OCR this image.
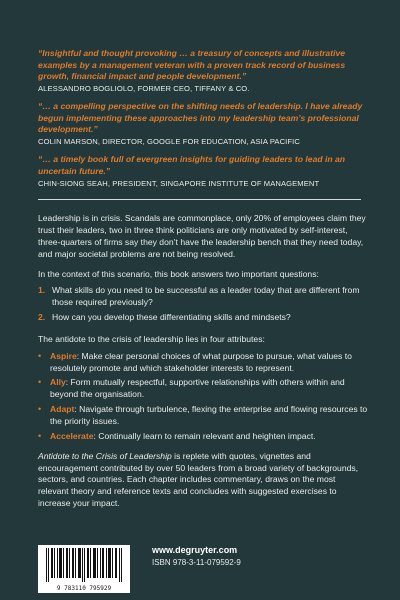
“Insightful and thought provoking … a treasury of concepts and illustrative examples by a management veteran with a proven track record of business growth, financial impact and people development.”
ALESSANDRO BOGLIOLO, FORMER CEO, TIFFANY & CO.
“… a compelling perspective on the shifting needs of leadership. I have already begun implementing these approaches into my leadership team’s professional development.”
COLIN MARSON, DIRECTOR, GOOGLE FOR EDUCATION, ASIA PACIFIC
“… a timely book full of evergreen insights for guiding leaders to lead in an uncertain future.”
CHIN-SIONG SEAH, PRESIDENT, SINGAPORE INSTITUTE OF MANAGEMENT

Leadership is in crisis. Scandals are commonplace, only 20% of employees claim they trust their leaders, two in three think politicians are only motivated by self-interest, three-quarters of firms say they don’t have the leadership bench that they need today, and major societal problems are not being resolved.

In the context of this scenario, this book answers two important questions:

1. What skills do you need to be successful as a leader today that are different from those required previously?
2. How can you develop these differentiating skills and mindsets?

The antidote to the crisis of leadership lies in four attributes:

•	Aspire: Make clear personal choices of what purpose to pursue, what values to resolutely promote and which stakeholder interests to represent.
•	Ally: Form mutually respectful, supportive relationships with others within and beyond the organisation.
•	Adapt: Navigate through turbulence, flexing the enterprise and flowing resources to the priority issues.
•	Accelerate: Continually learn to remain relevant and heighten impact.

Antidote to the Crisis of Leadership is replete with quotes, vignettes and encouragement contributed by over 50 leaders from a broad variety of backgrounds, sectors, and countries. Each chapter includes commentary, draws on the most relevant theory and reference texts and concludes with suggested exercises to increase your impact.

9 783110 795929
www.degruyter.com
ISBN 978-3-11-079592-9
